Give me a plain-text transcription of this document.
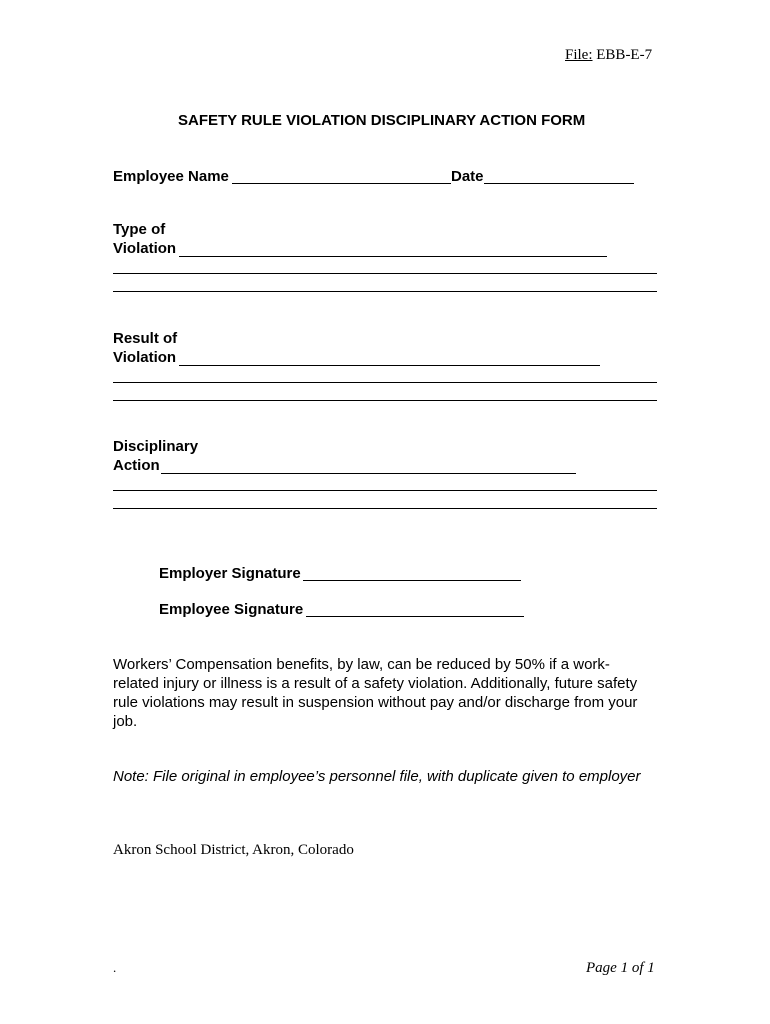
File: EBB-E-7
SAFETY RULE VIOLATION DISCIPLINARY ACTION FORM
Employee Name	Date
Type of
Violation
Result of
Violation
Disciplinary
Action
Employer Signature
Employee Signature
Workers’ Compensation benefits, by law, can be reduced by 50% if a work-
related injury or illness is a result of a safety violation. Additionally, future safety
rule violations may result in suspension without pay and/or discharge from your
job.
Note: File original in employee’s personnel file, with duplicate given to employer
Akron School District, Akron, Colorado
.	Page 1 of 1
